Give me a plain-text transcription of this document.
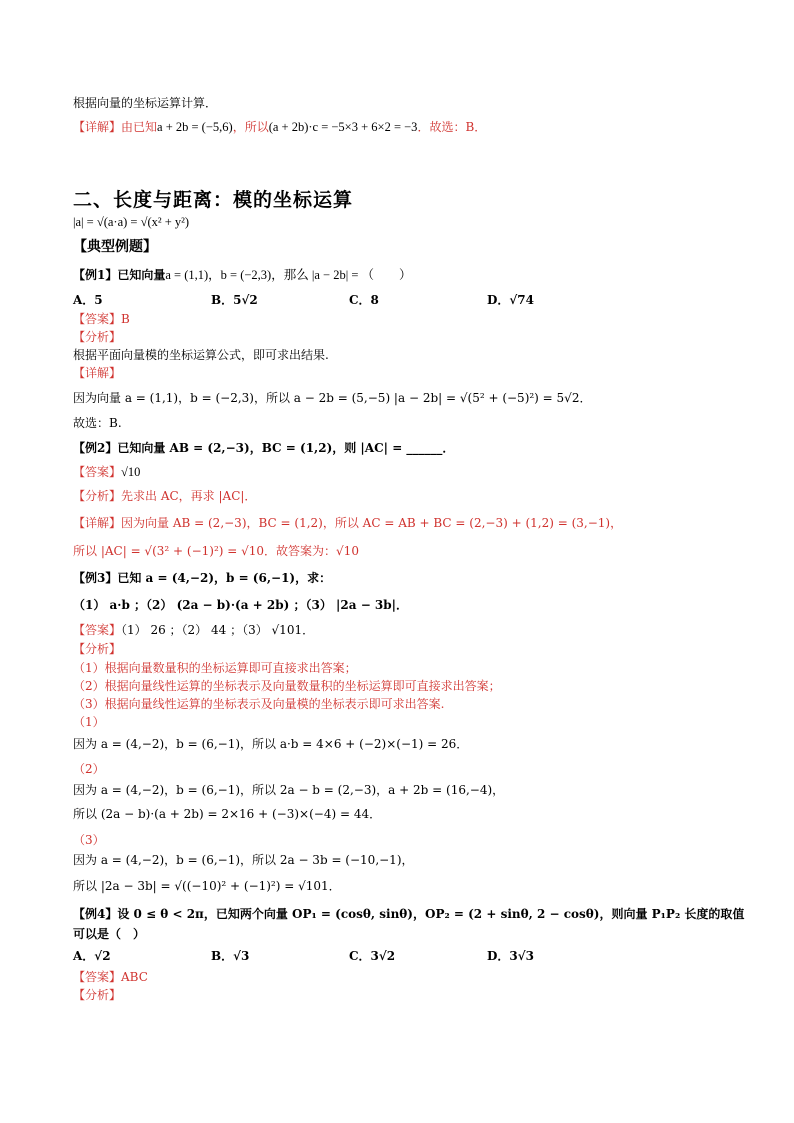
根据向量的坐标运算计算．
【详解】由已知a + 2b = (−5,6)，所以(a + 2b)·c = −5×3 + 6×2 = −3．故选：B．
二、长度与距离：模的坐标运算
|a| = √(a·a) = √(x² + y²)
【典型例题】
【例1】已知向量a = (1,1)，b = (−2,3)，那么 |a − 2b| = （　　）
A．5	B．5√2	C．8	D．√74
【答案】B
【分析】
根据平面向量模的坐标运算公式，即可求出结果.
【详解】
因为向量 a = (1,1)，b = (−2,3)，所以 a − 2b = (5,−5) |a − 2b| = √(5² + (−5)²) = 5√2．
故选：B.
【例2】已知向量 AB = (2,−3)，BC = (1,2)，则 |AC| = ______．
【答案】√10
【分析】先求出 AC，再求 |AC|．
【详解】因为向量 AB = (2,−3)，BC = (1,2)，所以 AC = AB + BC = (2,−3) + (1,2) = (3,−1)，
所以 |AC| = √(3² + (−1)²) = √10．故答案为：√10
【例3】已知 a = (4,−2)，b = (6,−1)，求：
（1） a·b ；（2） (2a − b)·(a + 2b) ；（3） |2a − 3b|．
【答案】（1） 26 ；（2） 44 ；（3） √101．
【分析】
（1）根据向量数量积的坐标运算即可直接求出答案；
（2）根据向量线性运算的坐标表示及向量数量积的坐标运算即可直接求出答案；
（3）根据向量线性运算的坐标表示及向量模的坐标表示即可求出答案.
（1）
因为 a = (4,−2)，b = (6,−1)，所以 a·b = 4×6 + (−2)×(−1) = 26．
（2）
因为 a = (4,−2)，b = (6,−1)，所以 2a − b = (2,−3)，a + 2b = (16,−4)，
所以 (2a − b)·(a + 2b) = 2×16 + (−3)×(−4) = 44．
（3）
因为 a = (4,−2)，b = (6,−1)，所以 2a − 3b = (−10,−1)，
所以 |2a − 3b| = √((−10)² + (−1)²) = √101．
【例4】设 0 ≤ θ < 2π，已知两个向量 OP₁ = (cosθ, sinθ)，OP₂ = (2 + sinθ, 2 − cosθ)，则向量 P₁P₂ 长度的取值
可以是（　）
A．√2	B．√3	C．3√2	D．3√3
【答案】ABC
【分析】
